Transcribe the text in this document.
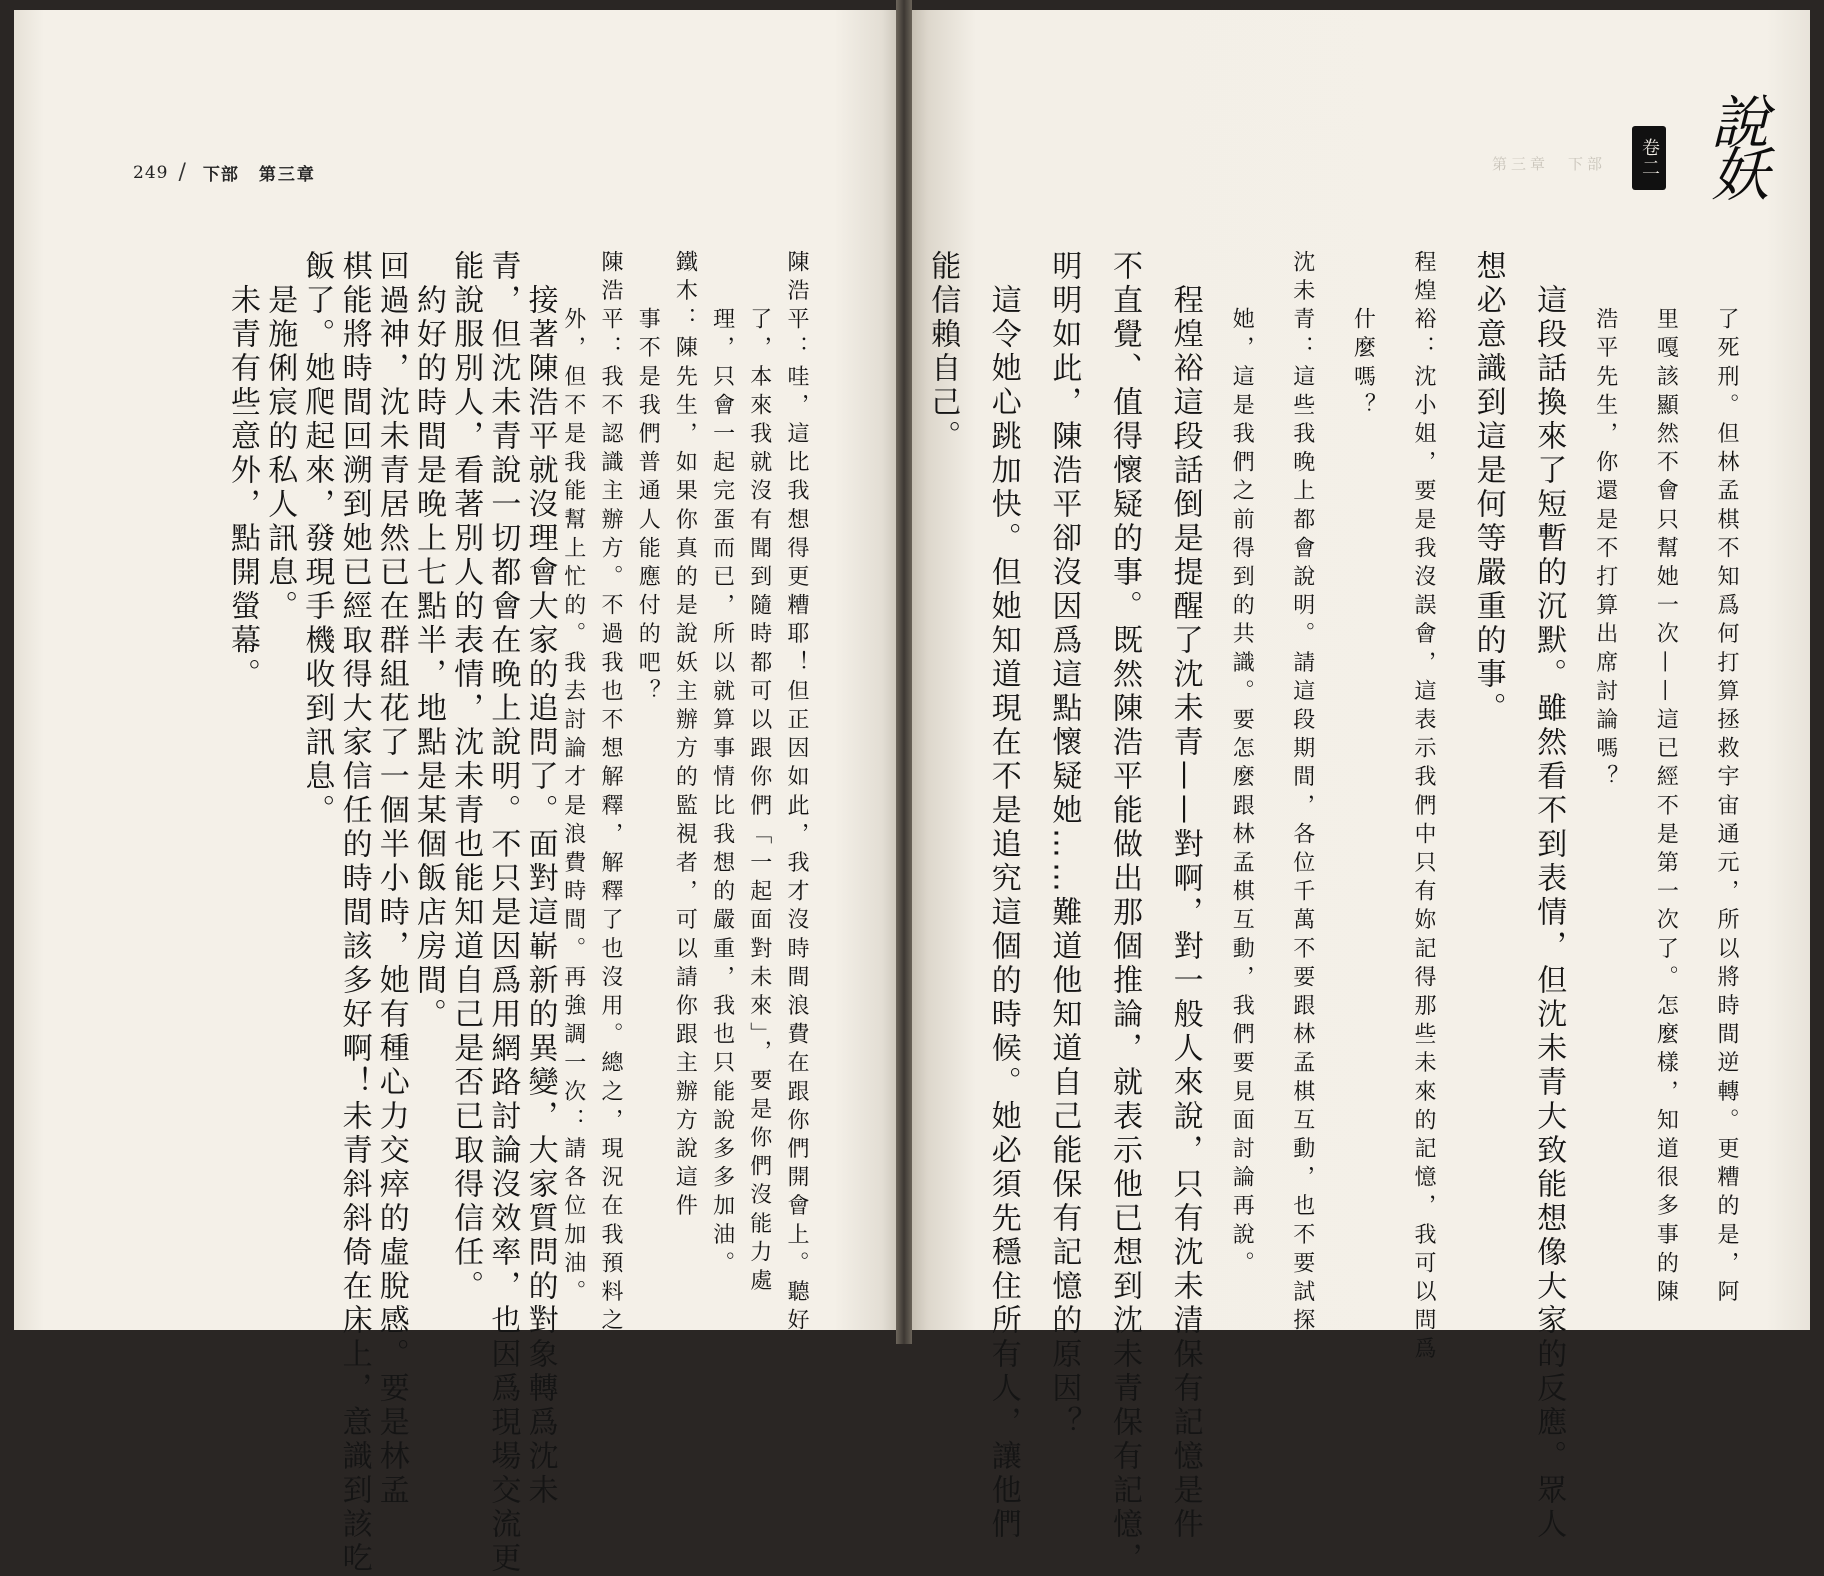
249 / 下部 第三章
第三章　下部 說妖
卷二
陳浩平：哇，這比我想得更糟耶！但正因如此，我才沒時間浪費在跟你們開會上。聽好
　　了，本來我就沒有聞到隨時都可以跟你們「一起面對未來」，要是你們沒能力處
　　理，只會一起完蛋而已，所以就算事情比我想的嚴重，我也只能說多多加油。
鐵木：陳先生，如果你真的是說妖主辦方的監視者，可以請你跟主辦方說這件
　　事不是我們普通人能應付的吧？
陳浩平：我不認識主辦方。不過我也不想解釋，解釋了也沒用。總之，現況在我預料之
　　外，但不是我能幫上忙的。我去討論才是浪費時間。再強調一次：請各位加油。
　接著陳浩平就沒理會大家的追問了。面對這嶄新的異變，大家質問的對象轉爲沈未
青，但沈未青說一切都會在晚上說明。不只是因爲用網路討論沒效率，也因爲現場交流更
能說服別人，看著別人的表情，沈未青也能知道自己是否已取得信任。
　約好的時間是晚上七點半，地點是某個飯店房間。
回過神，沈未青居然已在群組花了一個半小時，她有種心力交瘁的虛脫感。要是林孟
棋能將時間回溯到她已經取得大家信任的時間該多好啊！未青斜斜倚在床上，意識到該吃
飯了。她爬起來，發現手機收到訊息。
　是施俐宸的私人訊息。
　未青有些意外，點開螢幕。	　　了死刑。但林孟棋不知爲何打算拯救宇宙通元，所以將時間逆轉。更糟的是，阿
　　里嘎該顯然不會只幫她一次——這已經不是第一次了。怎麼樣，知道很多事的陳
　　浩平先生，你還是不打算出席討論嗎？
　這段話換來了短暫的沉默。雖然看不到表情，但沈未青大致能想像大家的反應。眾人
想必意識到這是何等嚴重的事。
程煌裕：沈小姐，要是我沒誤會，這表示我們中只有妳記得那些未來的記憶，我可以問爲
　　什麼嗎？
沈未青：這些我晚上都會說明。請這段期間，各位千萬不要跟林孟棋互動，也不要試探
　　她，這是我們之前得到的共識。要怎麼跟林孟棋互動，我們要見面討論再說。
　程煌裕這段話倒是提醒了沈未青——對啊，對一般人來說，只有沈未清保有記憶是件
不直覺、值得懷疑的事。既然陳浩平能做出那個推論，就表示他已想到沈未青保有記憶，
明明如此，陳浩平卻沒因爲這點懷疑她……難道他知道自己能保有記憶的原因？
　這令她心跳加快。但她知道現在不是追究這個的時候。她必須先穩住所有人，讓他們
能信賴自己。
